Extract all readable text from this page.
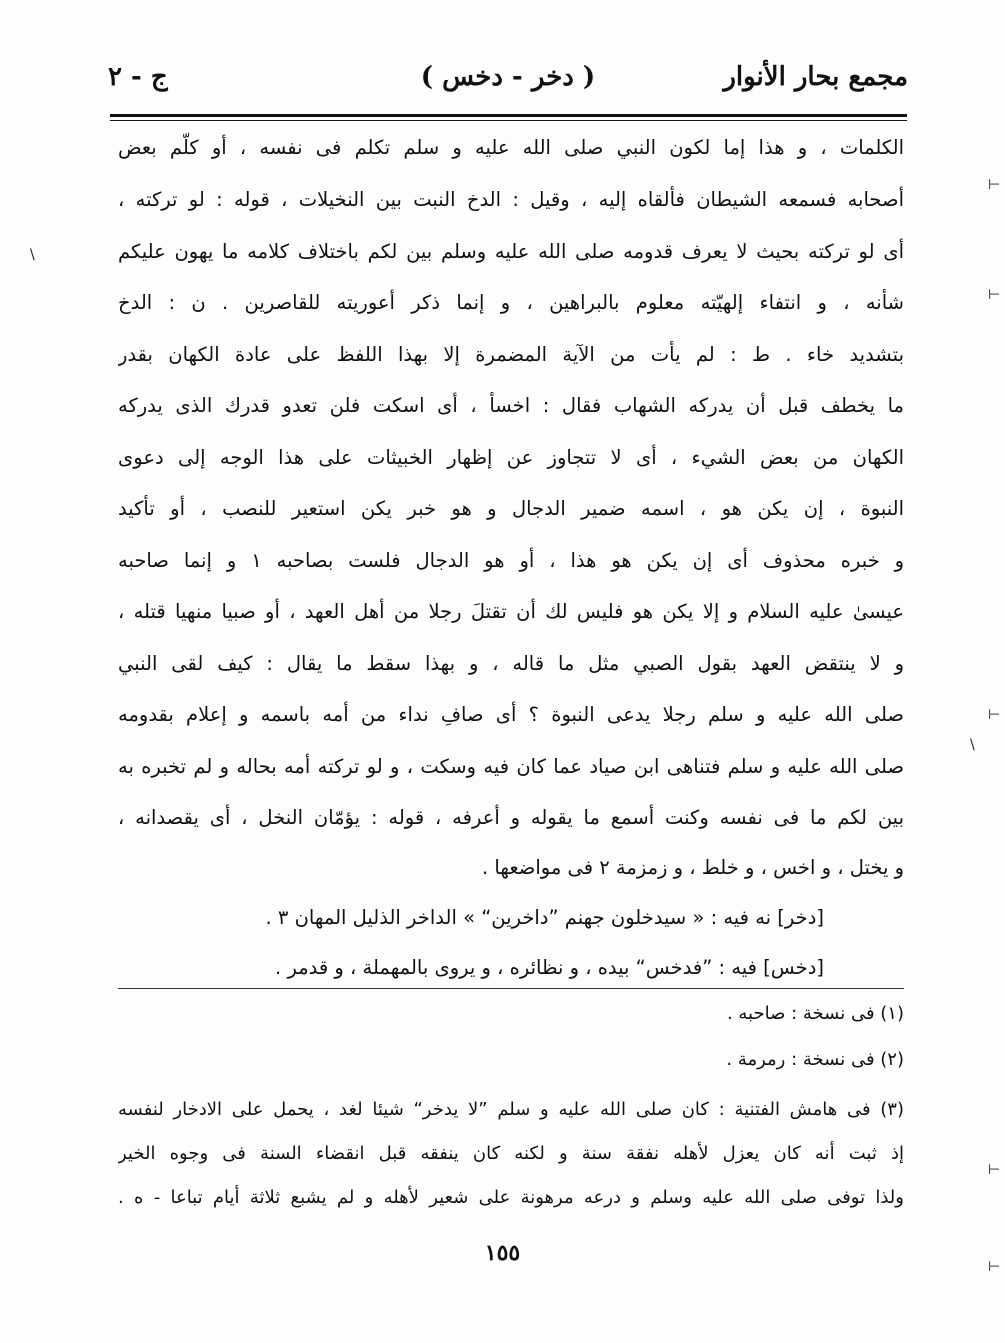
مجمع بحار الأنوار
( دخر - دخس )
ج - ۲
الكلمات ، و هذا إما لكون النبي صلى الله عليه و سلم تكلم فى نفسه ، أو كلّم بعض
أصحابه فسمعه الشيطان فألقاه إليه ، وقيل : الدخ النبت بين النخيلات ، قوله : لو تركته ،
أى لو تركته بحيث لا يعرف قدومه صلى الله عليه وسلم بين لكم باختلاف كلامه ما يهون عليكم
شأنه ، و انتفاء إلهيّته معلوم بالبراهين ، و إنما ذكر أعوريته للقاصرين . ن : الدخ
بتشديد خاء . ط : لم يأت من الآية المضمرة إلا بهذا اللفظ على عادة الكهان بقدر
ما يخطف قبل أن يدركه الشهاب فقال : اخسأ ، أى اسكت فلن تعدو قدرك الذى يدركه
الكهان من بعض الشيء ، أى لا تتجاوز عن إظهار الخبيثات على هذا الوجه إلى دعوى
النبوة ، إن يكن هو ، اسمه ضمير الدجال و هو خبر يكن استعير للنصب ، أو تأكيد
و خبره محذوف أى إن يكن هو هذا ، أو هو الدجال فلست بصاحبه ۱ و إنما صاحبه
عيسىٰ عليه السلام و إلا يكن هو فليس لك أن تقتلَ رجلا من أهل العهد ، أو صبيا منهيا قتله ،
و لا ينتقض العهد بقول الصبي مثل ما قاله ، و بهذا سقط ما يقال : كيف لقى النبي
صلى الله عليه و سلم رجلا يدعى النبوة ؟ أى صافِ نداء من أمه باسمه و إعلام بقدومه
صلى الله عليه و سلم فتناهى ابن صياد عما كان فيه وسكت ، و لو تركته أمه بحاله و لم تخبره به
بين لكم ما فى نفسه وكنت أسمع ما يقوله و أعرفه ، قوله : يؤمّان النخل ، أى يقصدانه ،
و يختل ، و اخس ، و خلط ، و زمزمة ۲ فى مواضعها .
[دخر] نه فيه : « سيدخلون جهنم ”داخرين“ » الداخر الذليل المهان ۳ .
[دخس] فيه : ”فدخس“ بيده ، و نظائره ، و يروى بالمهملة ، و قدمر .
(۱) فى نسخة : صاحبه .
(۲) فى نسخة : رمرمة .
(۳) فى هامش الفتنية : كان صلى الله عليه و سلم ”لا يدخر“ شيئا لغد ، يحمل على الادخار لنفسه
إذ ثبت أنه كان يعزل لأهله نفقة سنة و لكنه كان ينفقه قبل انقضاء السنة فى وجوه الخير
ولذا توفى صلى الله عليه وسلم و درعه مرهونة على شعير لأهله و لم يشبع ثلاثة أيام تباعا - ه .
١٥٥
⊢
⊢
\
⊢
\
⊢
⊢
